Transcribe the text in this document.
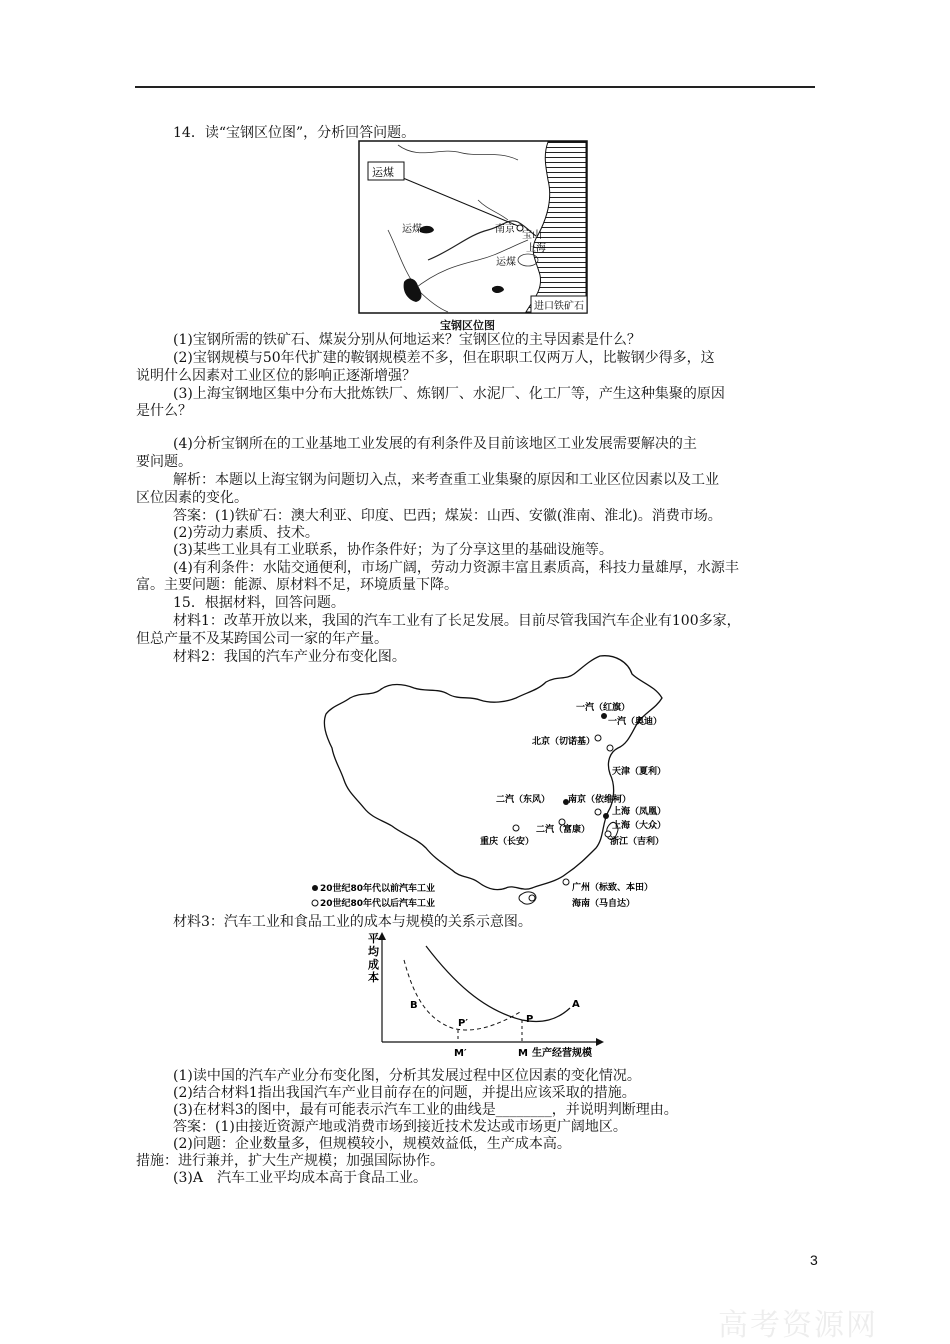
14．读“宝钢区位图”，分析回答问题。
运煤
运煤	南京
宝山
上海
运煤
进口铁矿石
宝钢区位图
(1)宝钢所需的铁矿石、煤炭分别从何地运来？宝钢区位的主导因素是什么？
(2)宝钢规模与50年代扩建的鞍钢规模差不多，但在职职工仅两万人，比鞍钢少得多，这
说明什么因素对工业区位的影响正逐渐增强？
(3)上海宝钢地区集中分布大批炼铁厂、炼钢厂、水泥厂、化工厂等，产生这种集聚的原因
是什么？
(4)分析宝钢所在的工业基地工业发展的有利条件及目前该地区工业发展需要解决的主
要问题。
解析：本题以上海宝钢为问题切入点，来考查重工业集聚的原因和工业区位因素以及工业
区位因素的变化。
答案：(1)铁矿石：澳大利亚、印度、巴西；煤炭：山西、安徽(淮南、淮北)。消费市场。
(2)劳动力素质、技术。
(3)某些工业具有工业联系，协作条件好；为了分享这里的基础设施等。
(4)有利条件：水陆交通便利，市场广阔，劳动力资源丰富且素质高，科技力量雄厚，水源丰
富。主要问题：能源、原材料不足，环境质量下降。
15．根据材料，回答问题。
材料1：改革开放以来，我国的汽车工业有了长足发展。目前尽管我国汽车企业有100多家，
但总产量不及某跨国公司一家的年产量。
材料2：我国的汽车产业分布变化图。
一汽（红旗）
一汽（奥迪）
北京（切诺基）
天津（夏利）
二汽（东风） 南京（依维柯）
上海（凤凰）
上海（大众）
二汽（富康）
重庆（长安）	浙江（吉利）
广州（标致、本田）
海南（马自达）
20世纪80年代以前汽车工业
20世纪80年代以后汽车工业
材料3：汽车工业和食品工业的成本与规模的关系示意图。
平
均
成
本
A
B
P
P′
M′	M 生产经营规模
(1)读中国的汽车产业分布变化图，分析其发展过程中区位因素的变化情况。
(2)结合材料1指出我国汽车产业目前存在的问题，并提出应该采取的措施。
(3)在材料3的图中，最有可能表示汽车工业的曲线是________，并说明判断理由。
答案：(1)由接近资源产地或消费市场到接近技术发达或市场更广阔地区。
(2)问题：企业数量多，但规模较小，规模效益低，生产成本高。
措施：进行兼并，扩大生产规模；加强国际协作。
(3)A　汽车工业平均成本高于食品工业。
3
高考资源网
